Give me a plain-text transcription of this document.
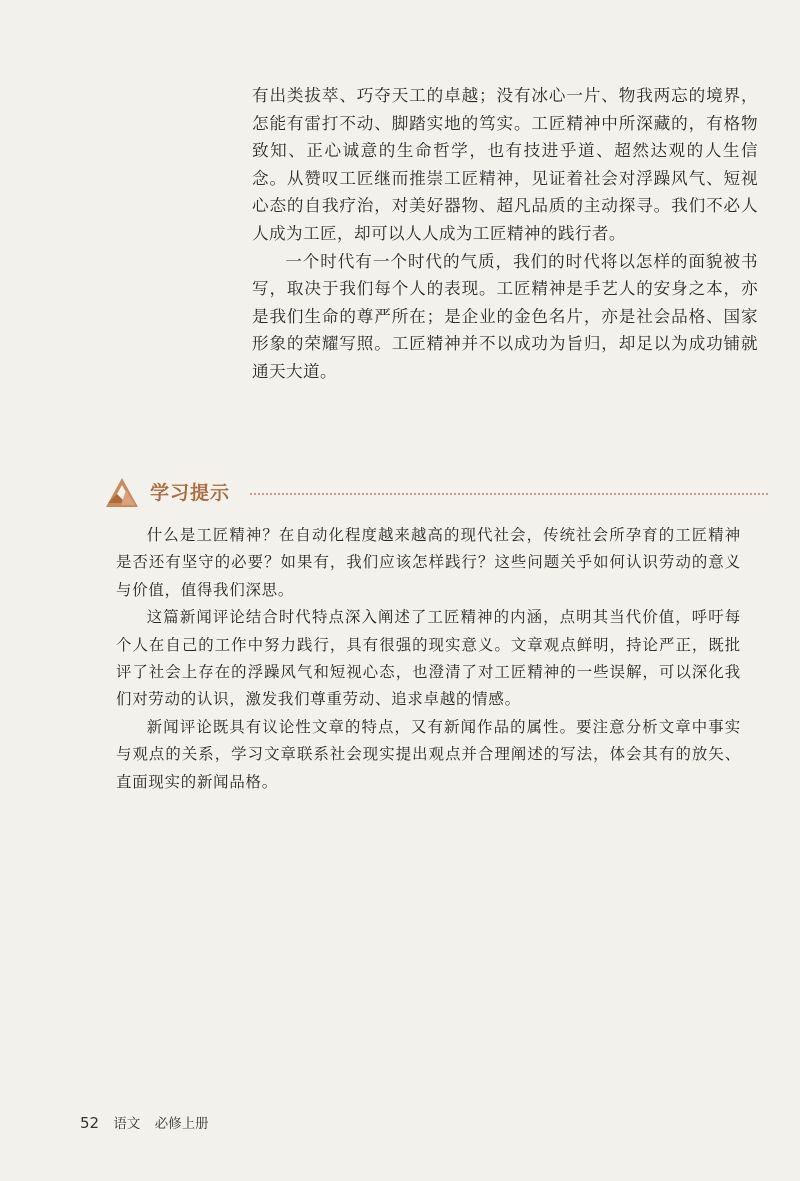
有出类拔萃、巧夺天工的卓越；没有冰心一片、物我两忘的境界，怎能有雷打不动、脚踏实地的笃实。工匠精神中所深藏的，有格物致知、正心诚意的生命哲学，也有技进乎道、超然达观的人生信念。从赞叹工匠继而推崇工匠精神，见证着社会对浮躁风气、短视心态的自我疗治，对美好器物、超凡品质的主动探寻。我们不必人人成为工匠，却可以人人成为工匠精神的践行者。

一个时代有一个时代的气质，我们的时代将以怎样的面貌被书写，取决于我们每个人的表现。工匠精神是手艺人的安身之本，亦是我们生命的尊严所在；是企业的金色名片，亦是社会品格、国家形象的荣耀写照。工匠精神并不以成功为旨归，却足以为成功铺就通天大道。

学习提示

什么是工匠精神？在自动化程度越来越高的现代社会，传统社会所孕育的工匠精神是否还有坚守的必要？如果有，我们应该怎样践行？这些问题关乎如何认识劳动的意义与价值，值得我们深思。

这篇新闻评论结合时代特点深入阐述了工匠精神的内涵，点明其当代价值，呼吁每个人在自己的工作中努力践行，具有很强的现实意义。文章观点鲜明，持论严正，既批评了社会上存在的浮躁风气和短视心态，也澄清了对工匠精神的一些误解，可以深化我们对劳动的认识，激发我们尊重劳动、追求卓越的情感。

新闻评论既具有议论性文章的特点，又有新闻作品的属性。要注意分析文章中事实与观点的关系，学习文章联系社会现实提出观点并合理阐述的写法，体会其有的放矢、直面现实的新闻品格。

52 语文 必修上册
